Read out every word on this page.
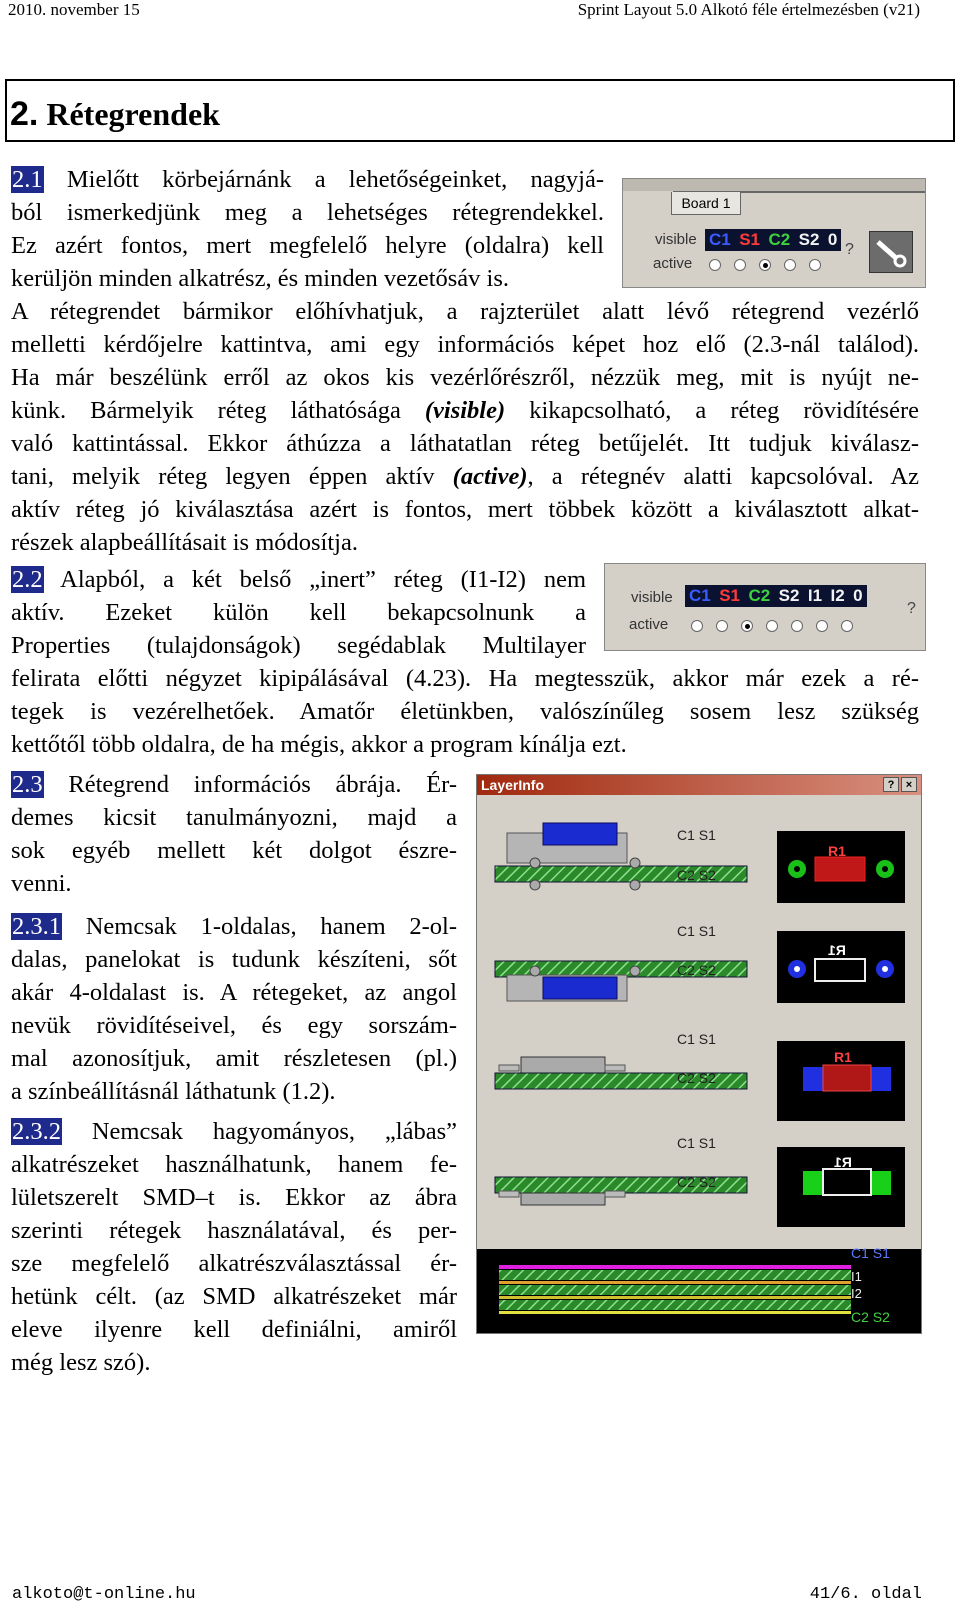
2010. november 15	Sprint Layout 5.0 Alkotó féle értelmezésben (v21)
2. Rétegrendek
2.1 Mielőtt körbejárnánk a lehetőségeinket, nagyjá-
ból ismerkedjünk meg a lehetséges rétegrendekkel.
Ez azért fontos, mert megfelelő helyre (oldalra) kell
kerüljön minden alkatrész, és minden vezetősáv is.
Board 1
visible C1 S1 C2 S2 0
?
active
A rétegrendet bármikor előhívhatjuk, a rajzterület alatt lévő rétegrend vezérlő
melletti kérdőjelre kattintva, ami egy információs képet hoz elő (2.3-nál találod).
Ha már beszélünk erről az okos kis vezérlőrészről, nézzük meg, mit is nyújt ne-
künk. Bármelyik réteg láthatósága (visible) kikapcsolható, a réteg rövidítésére
való kattintással. Ekkor áthúzza a láthatatlan réteg betűjelét. Itt tudjuk kiválasz-
tani, melyik réteg legyen éppen aktív (active), a rétegnév alatti kapcsolóval. Az
aktív réteg jó kiválasztása azért is fontos, mert többek között a kiválasztott alkat-
részek alapbeállításait is módosítja.
2.2 Alapból, a két belső „inert” réteg (I1-I2) nem
aktív. Ezeket külön kell bekapcsolnunk a
Properties (tulajdonságok) segédablak Multilayer
felirata előtti négyzet kipipálásával (4.23). Ha megtesszük, akkor már ezek a ré-
tegek is vezérelhetőek. Amatőr életünkben, valószínűleg sosem lesz szükség
kettőtől több oldalra, de ha mégis, akkor a program kínálja ezt.
visible C1 S1 C2 S2 I1 I2 0
?
active
2.3 Rétegrend információs ábrája. Ér-
demes kicsit tanulmányozni, majd a
sok egyéb mellett két dolgot észre-
venni.
2.3.1 Nemcsak 1-oldalas, hanem 2-ol-
dalas, panelokat is tudunk készíteni, sőt
akár 4-oldalast is. A rétegeket, az angol
nevük rövidítéseivel, és egy sorszám-
mal azonosítjuk, amit részletesen (pl.)
a színbeállításnál láthatunk (1.2).
2.3.2 Nemcsak hagyományos, „lábas”
alkatrészeket használhatunk, hanem fe-
lületszerelt SMD–t is. Ekkor az ábra
szerinti rétegek használatával, és per-
sze megfelelő alkatrészválasztással ér-
hetünk célt. (az SMD alkatrészeket már
eleve ilyenre kell definiálni, amiről
még lesz szó).
LayerInfo	?	×
C1 S1
C2 S2
R1
C1 S1
C2 S2
R1
C1 S1
C2 S2
R1
C1 S1
C2 S2
R1
C1 S1
I1
I2
C2 S2
alkoto@t-online.hu	41/6. oldal
